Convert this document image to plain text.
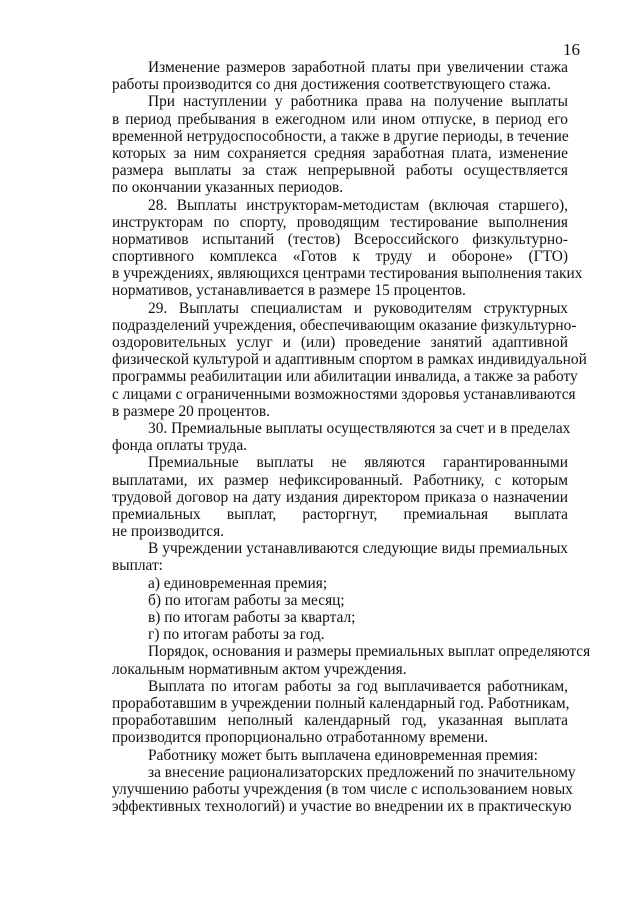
16
Изменение размеров заработной платы при увеличении стажа
работы производится со дня достижения соответствующего стажа.
При наступлении у работника права на получение выплаты
в период пребывания в ежегодном или ином отпуске, в период его
временной нетрудоспособности, а также в другие периоды, в течение
которых за ним сохраняется средняя заработная плата, изменение
размера выплаты за стаж непрерывной работы осуществляется
по окончании указанных периодов.
28. Выплаты инструкторам-методистам (включая старшего),
инструкторам по спорту, проводящим тестирование выполнения
нормативов испытаний (тестов) Всероссийского физкультурно-
спортивного комплекса «Готов к труду и обороне» (ГТО)
в учреждениях, являющихся центрами тестирования выполнения таких
нормативов, устанавливается в размере 15 процентов.
29. Выплаты специалистам и руководителям структурных
подразделений учреждения, обеспечивающим оказание физкультурно-
оздоровительных услуг и (или) проведение занятий адаптивной
физической культурой и адаптивным спортом в рамках индивидуальной
программы реабилитации или абилитации инвалида, а также за работу
с лицами с ограниченными возможностями здоровья устанавливаются
в размере 20 процентов.
30. Премиальные выплаты осуществляются за счет и в пределах
фонда оплаты труда.
Премиальные выплаты не являются гарантированными
выплатами, их размер нефиксированный. Работнику, с которым
трудовой договор на дату издания директором приказа о назначении
премиальных выплат, расторгнут, премиальная выплата
не производится.
В учреждении устанавливаются следующие виды премиальных
выплат:
а) единовременная премия;
б) по итогам работы за месяц;
в) по итогам работы за квартал;
г) по итогам работы за год.
Порядок, основания и размеры премиальных выплат определяются
локальным нормативным актом учреждения.
Выплата по итогам работы за год выплачивается работникам,
проработавшим в учреждении полный календарный год. Работникам,
проработавшим неполный календарный год, указанная выплата
производится пропорционально отработанному времени.
Работнику может быть выплачена единовременная премия:
за внесение рационализаторских предложений по значительному
улучшению работы учреждения (в том числе с использованием новых
эффективных технологий) и участие во внедрении их в практическую
